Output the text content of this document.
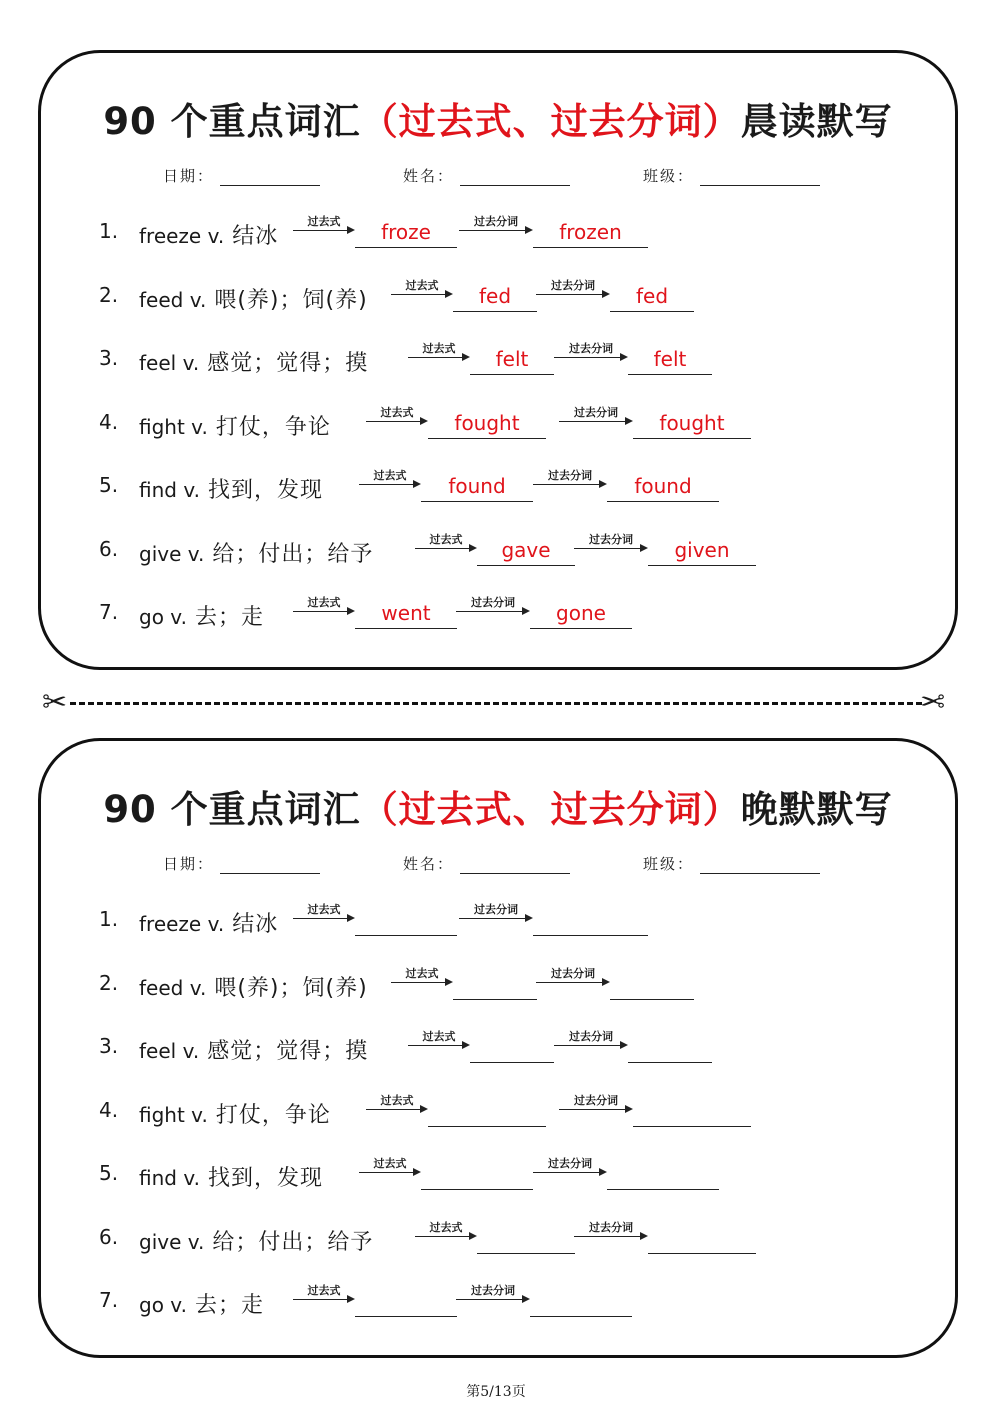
90 个重点词汇（过去式、过去分词）晨读默写
日期：	姓名：	班级：
1. freeze v. 结冰
过去式	froze	过去分词	frozen
2. feed v. 喂(养)；饲(养)
过去式	fed	过去分词	fed
3. feel v. 感觉；觉得；摸
过去式	felt	过去分词	felt
4. fight v. 打仗，争论
过去式	fought	过去分词	fought
5. find v. 找到，发现
过去式	found	过去分词	found
6. give v. 给；付出；给予
过去式	gave	过去分词	given
7. go v. 去；走
过去式	went	过去分词	gone
✂	✂
90 个重点词汇（过去式、过去分词）晚默默写
日期：	姓名：	班级：
1. freeze v. 结冰
过去式	过去分词
2. feed v. 喂(养)；饲(养)
过去式	过去分词
3. feel v. 感觉；觉得；摸
过去式	过去分词
4. fight v. 打仗，争论
过去式	过去分词
5. find v. 找到，发现
过去式	过去分词
6. give v. 给；付出；给予
过去式	过去分词
7. go v. 去；走
过去式	过去分词
第5/13页
